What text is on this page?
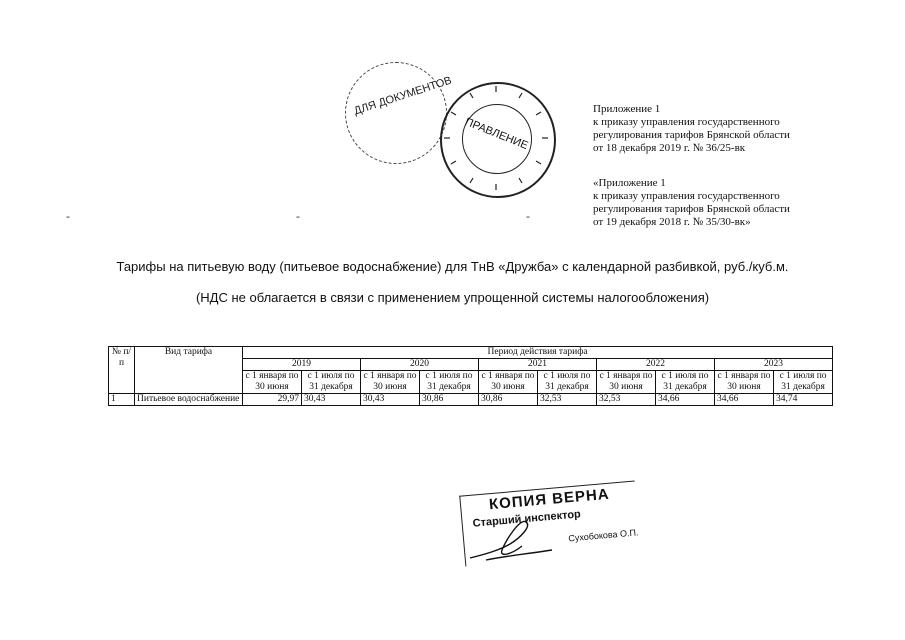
ДЛЯ ДОКУМЕНТОВ
ПРАВЛЕНИЕ
Приложение 1
к приказу управления государственного
регулирования тарифов Брянской области
от 18 декабря 2019 г. № 36/25-вк
«Приложение 1
к приказу управления государственного
регулирования тарифов Брянской области
от 19 декабря 2018 г. № 35/30-вк»
-	-	-
Тарифы на питьевую воду (питьевое водоснабжение) для ТнВ «Дружба» с календарной разбивкой, руб./куб.м.
(НДС не облагается в связи с применением упрощенной системы налогообложения)
№ п/п	Вид тарифа	Период действия тарифа									
		2019		2020		2021		2022		2023	
		с 1 января по 30 июня	с 1 июля по 31 декабря	с 1 января по 30 июня	с 1 июля по 31 декабря	с 1 января по 30 июня	с 1 июля по 31 декабря	с 1 января по 30 июня	с 1 июля по 31 декабря	с 1 января по 30 июня	с 1 июля по 31 декабря
1	Питьевое водоснабжение	29,97	30,43	30,43	30,86	30,86	32,53	32,53	34,66	34,66	34,74
КОПИЯ ВЕРНА
Старший инспектор
Сухобокова О.П.
